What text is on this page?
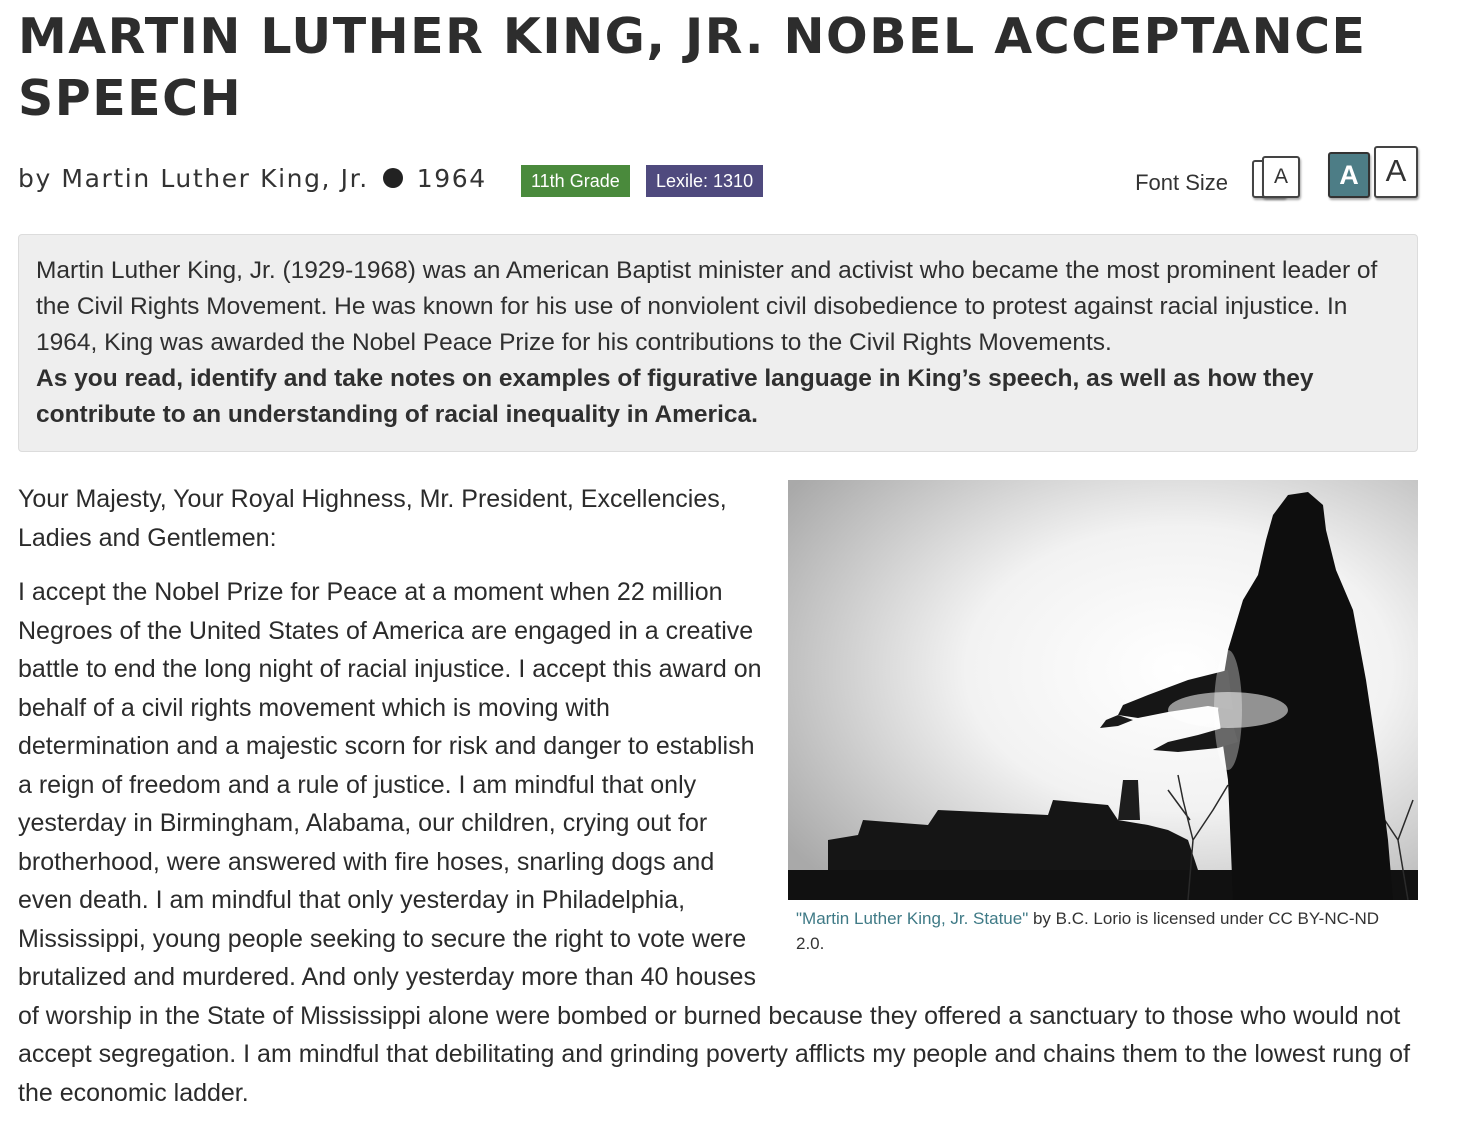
MARTIN LUTHER KING, JR. NOBEL ACCEPTANCE SPEECH
by Martin Luther King, Jr. 1964	11th Grade	Lexile: 1310	Font Size	A	A A

Martin Luther King, Jr. (1929-1968) was an American Baptist minister and activist who became the most prominent leader of the Civil Rights Movement. He was known for his use of nonviolent civil disobedience to protest against racial injustice. In 1964, King was awarded the Nobel Peace Prize for his contributions to the Civil Rights Movements.

As you read, identify and take notes on examples of figurative language in King’s speech, as well as how they contribute to an understanding of racial inequality in America.

"Martin Luther King, Jr. Statue" by B.C. Lorio is licensed under CC BY-NC-ND 2.0.

Your Majesty, Your Royal Highness, Mr. President, Excellencies, Ladies and Gentlemen:

I accept the Nobel Prize for Peace at a moment when 22 million Negroes of the United States of America are engaged in a creative battle to end the long night of racial injustice. I accept this award on behalf of a civil rights movement which is moving with determination and a majestic scorn for risk and danger to establish a reign of freedom and a rule of justice. I am mindful that only yesterday in Birmingham, Alabama, our children, crying out for brotherhood, were answered with fire hoses, snarling dogs and even death. I am mindful that only yesterday in Philadelphia, Mississippi, young people seeking to secure the right to vote were brutalized and murdered. And only yesterday more than 40 houses of worship in the State of Mississippi alone were bombed or burned because they offered a sanctuary to those who would not accept segregation. I am mindful that debilitating and grinding poverty afflicts my people and chains them to the lowest rung of the economic ladder.
